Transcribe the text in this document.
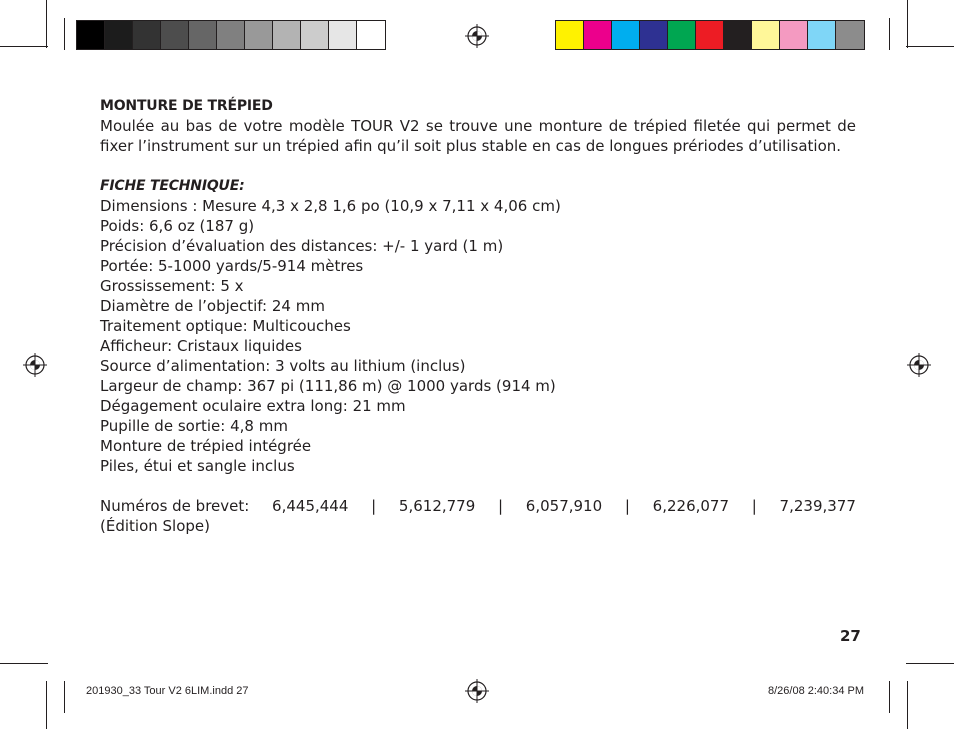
MONTURE DE TRÉPIED
Moulée au bas de votre modèle TOUR V2 se trouve une monture de trépied filetée qui permet de fixer l’instrument sur un trépied afin qu’il soit plus stable en cas de longues prériodes d’utilisation.
FICHE TECHNIQUE:
Dimensions : Mesure 4,3 x 2,8 1,6 po (10,9 x 7,11 x 4,06 cm)
Poids: 6,6 oz (187 g)
Précision d’évaluation des distances: +/- 1 yard (1 m)
Portée: 5-1000 yards/5-914 mètres
Grossissement: 5 x
Diamètre de l’objectif: 24 mm
Traitement optique: Multicouches
Afficheur: Cristaux liquides
Source d’alimentation: 3 volts au lithium (inclus)
Largeur de champ: 367 pi (111,86 m) @ 1000 yards (914 m)
Dégagement oculaire extra long: 21 mm
Pupille de sortie: 4,8 mm
Monture de trépied intégrée
Piles, étui et sangle inclus
Numéros de brevet: 6,445,444 | 5,612,779 | 6,057,910 | 6,226,077 | 7,239,377
(Édition Slope)
27
201930_33 Tour V2 6LIM.indd 27	8/26/08 2:40:34 PM
